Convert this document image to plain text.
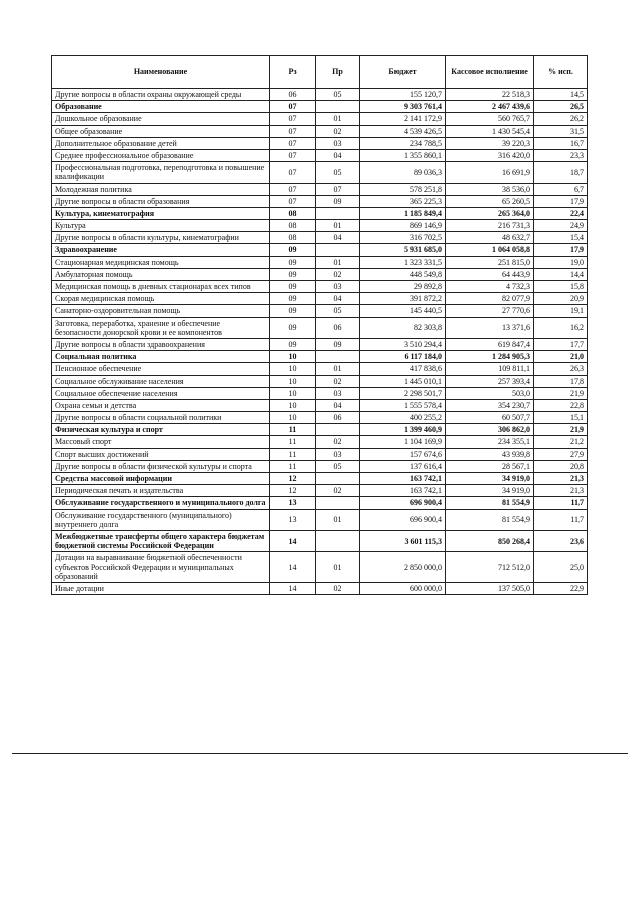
Наименование	Рз	Пр	Бюджет	Кассовое исполнение	% исп.
Другие вопросы в области охраны окружающей среды	06	05	155 120,7	22 518,3	14,5
Образование	07		9 303 761,4	2 467 439,6	26,5
Дошкольное образование	07	01	2 141 172,9	560 765,7	26,2
Общее образование	07	02	4 539 426,5	1 430 545,4	31,5
Дополнительное образование детей	07	03	234 788,5	39 220,3	16,7
Среднее профессиональное образование	07	04	1 355 860,1	316 420,0	23,3
Профессиональная подготовка, переподготовка и повышение квалификации	07	05	89 036,3	16 691,9	18,7
Молодежная политика	07	07	578 251,8	38 536,0	6,7
Другие вопросы в области образования	07	09	365 225,3	65 260,5	17,9
Культура, кинематография	08		1 185 849,4	265 364,0	22,4
Культура	08	01	869 146,9	216 731,3	24,9
Другие вопросы в области культуры, кинематографии	08	04	316 702,5	48 632,7	15,4
Здравоохранение	09		5 931 685,0	1 064 058,8	17,9
Стационарная медицинская помощь	09	01	1 323 331,5	251 815,0	19,0
Амбулаторная помощь	09	02	448 549,8	64 443,9	14,4
Медицинская помощь в дневных стационарах всех типов	09	03	29 892,8	4 732,3	15,8
Скорая медицинская помощь	09	04	391 872,2	82 077,9	20,9
Санаторно-оздоровительная помощь	09	05	145 440,5	27 770,6	19,1
Заготовка, переработка, хранение и обеспечение безопасности донорской крови и ее компонентов	09	06	82 303,8	13 371,6	16,2
Другие вопросы в области здравоохранения	09	09	3 510 294,4	619 847,4	17,7
Социальная политика	10		6 117 184,0	1 284 905,3	21,0
Пенсионное обеспечение	10	01	417 838,6	109 811,1	26,3
Социальное обслуживание населения	10	02	1 445 010,1	257 393,4	17,8
Социальное обеспечение населения	10	03	2 298 501,7	503,0	21,9
Охрана семьи и детства	10	04	1 555 578,4	354 230,7	22,8
Другие вопросы в области социальной политики	10	06	400 255,2	60 507,7	15,1
Физическая культура и спорт	11		1 399 460,9	306 862,0	21,9
Массовый спорт	11	02	1 104 169,9	234 355,1	21,2
Спорт высших достижений	11	03	157 674,6	43 939,8	27,9
Другие вопросы в области физической культуры и спорта	11	05	137 616,4	28 567,1	20,8
Средства массовой информации	12		163 742,1	34 919,0	21,3
Периодическая печать и издательства	12	02	163 742,1	34 919,0	21,3
Обслуживание государственного и муниципального долга	13		696 900,4	81 554,9	11,7
Обслуживание государственного (муниципального) внутреннего долга	13	01	696 900,4	81 554,9	11,7
Межбюджетные трансферты общего характера бюджетам бюджетной системы Российской Федерации	14		3 601 115,3	850 268,4	23,6
Дотации на выравнивание бюджетной обеспеченности субъектов Российской Федерации и муниципальных образований	14	01	2 850 000,0	712 512,0	25,0
Иные дотации	14	02	600 000,0	137 505,0	22,9
